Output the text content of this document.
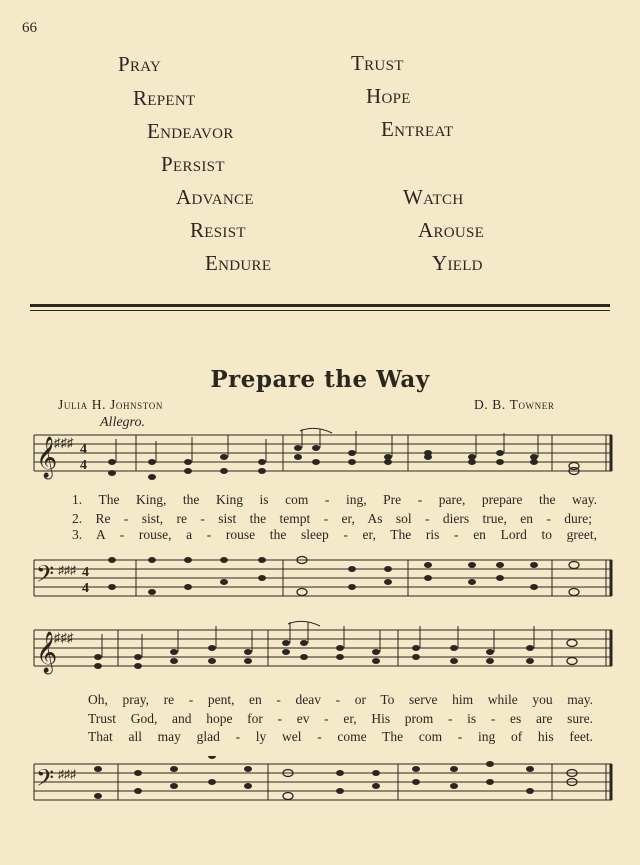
66
Pray
Repent
Endeavor
Persist
Advance
Resist
Endure
Trust
Hope
Entreat
Watch
Arouse
Yield
Prepare the Way
Julia H. Johnston	D. B. Towner
Allegro.
𝄞
♯♯♯ 4
4
1. The King, the King is com - ing, Pre - pare, prepare the way.
2. Re - sist, re - sist the tempt - er, As sol - diers true, en - dure;
3. A - rouse, a - rouse the sleep - er, The ris - en Lord to greet,
𝄢 ♯♯♯ 4
4
𝄞
♯♯♯
Oh, pray, re - pent, en - deav - or To serve him while you may.
Trust God, and hope for - ev - er, His prom - is - es are sure.
That all may glad - ly wel - come The com - ing of his feet.
𝄢 ♯♯♯
